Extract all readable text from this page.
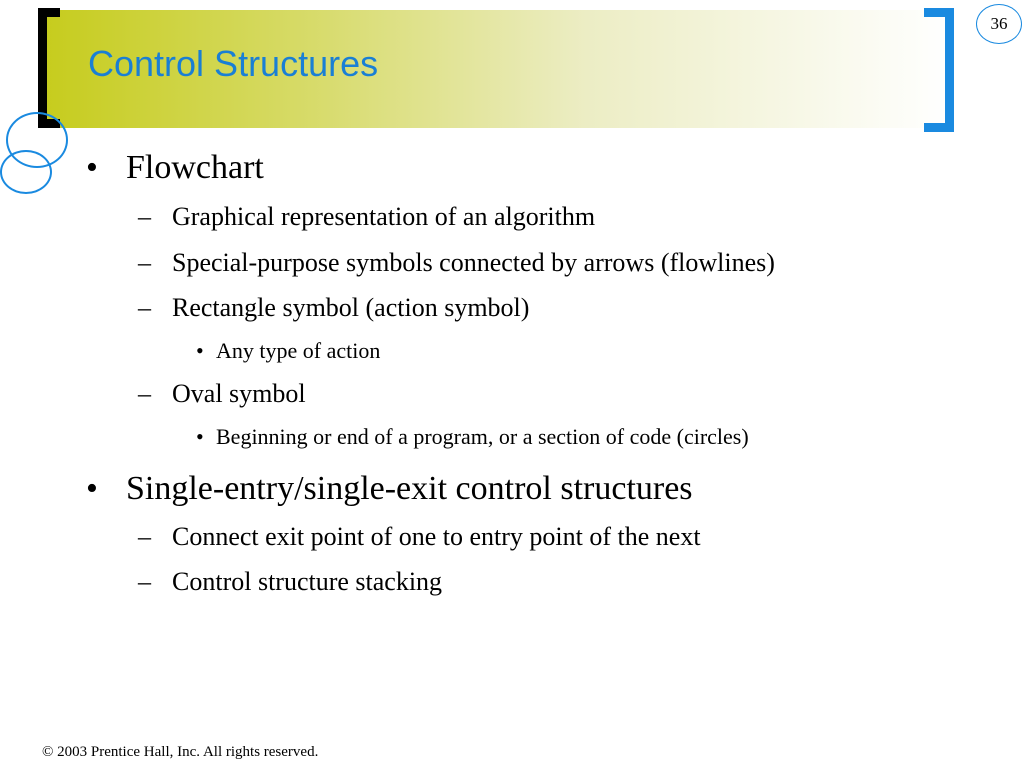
Control Structures
36
• Flowchart
– Graphical representation of an algorithm
– Special-purpose symbols connected by arrows (flowlines)
– Rectangle symbol (action symbol)
• Any type of action
– Oval symbol
• Beginning or end of a program, or a section of code (circles)
• Single-entry/single-exit control structures
– Connect exit point of one to entry point of the next
– Control structure stacking
© 2003 Prentice Hall, Inc. All rights reserved.
